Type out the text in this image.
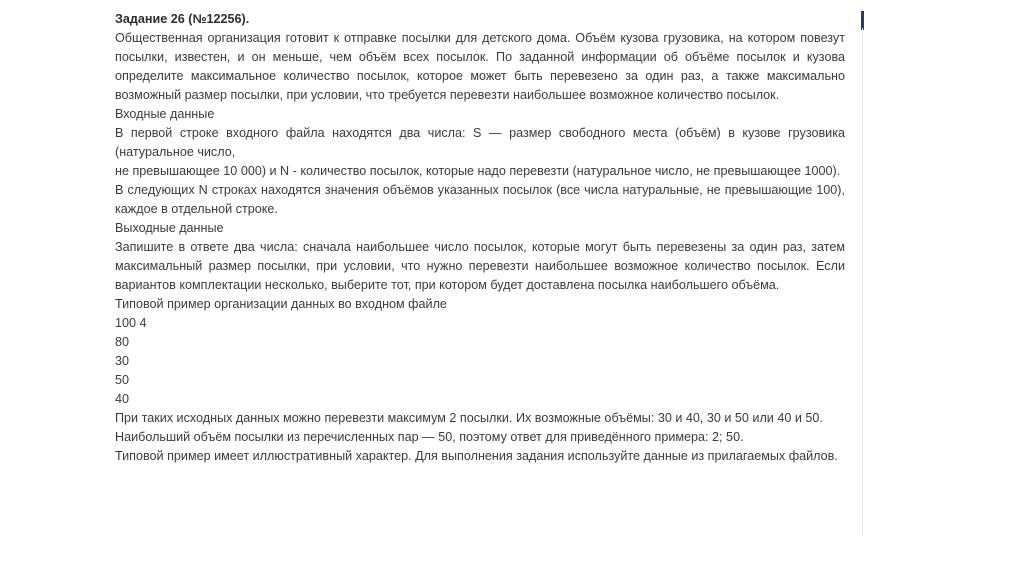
Задание 26 (№12256).

Общественная организация готовит к отправке посылки для детского дома. Объём кузова грузовика, на котором повезут посылки, известен, и он меньше, чем объём всех посылок. По заданной информации об объёме посылок и кузова определите максимальное количество посылок, которое может быть перевезено за один раз, а также максимально возможный размер посылки, при условии, что требуется перевезти наибольшее возможное количество посылок.

Входные данные

В первой строке входного файла находятся два числа: S — размер свободного места (объём) в кузове грузовика (натуральное число,

не превышающее 10 000) и N - количество посылок, которые надо перевезти (натуральное число, не превышающее 1000).

В следующих N строках находятся значения объёмов указанных посылок (все числа натуральные, не превышающие 100), каждое в отдельной строке.

Выходные данные

Запишите в ответе два числа: сначала наибольшее число посылок, которые могут быть перевезены за один раз, затем максимальный размер посылки, при условии, что нужно перевезти наибольшее возможное количество посылок. Если вариантов комплектации несколько, выберите тот, при котором будет доставлена посылка наибольшего объёма.

Типовой пример организации данных во входном файле

100 4

80

30

50

40

При таких исходных данных можно перевезти максимум 2 посылки. Их возможные объёмы: 30 и 40, 30 и 50 или 40 и 50.

Наибольший объём посылки из перечисленных пар — 50, поэтому ответ для приведённого примера: 2; 50.

Типовой пример имеет иллюстративный характер. Для выполнения задания используйте данные из прилагаемых файлов.
